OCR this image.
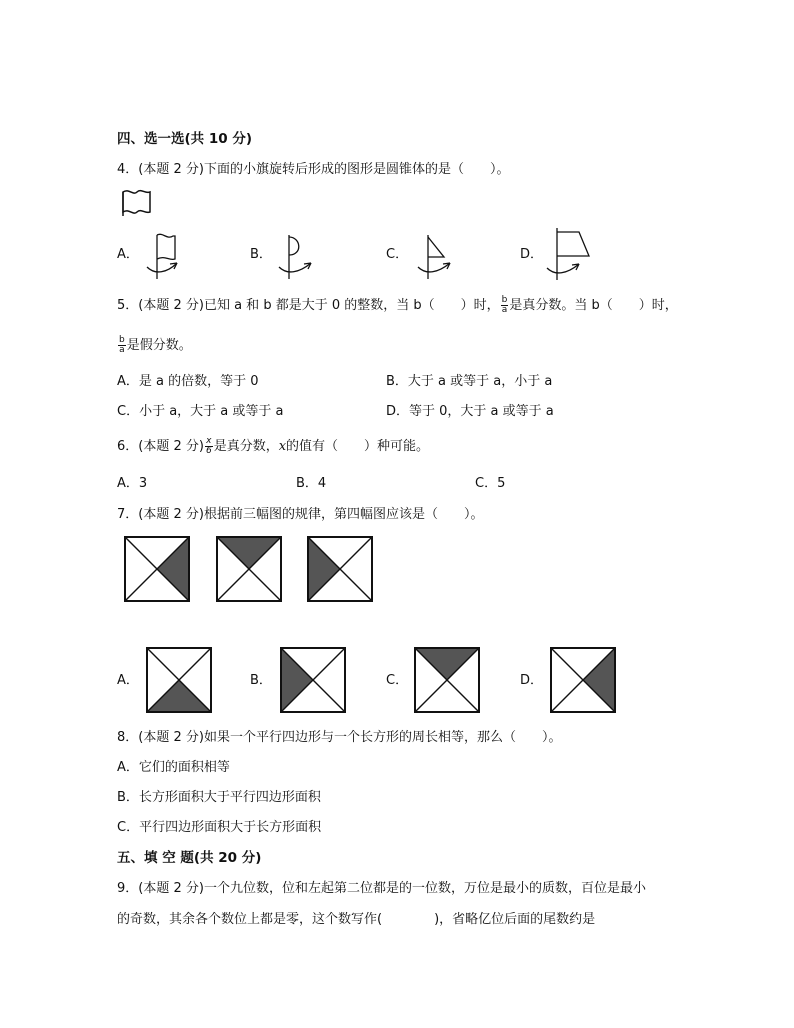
四、选一选(共 10 分)
4．(本题 2 分)下面的小旗旋转后形成的图形是圆锥体的是（　　）。
A．	B．	C．	D．
5．(本题 2 分)已知 a 和 b 都是大于 0 的整数，当 b（　　）时， $\frac{b}{a}$ 是真分数。当 b（　　）时，
$\frac{b}{a}$ 是假分数。
A．是 a 的倍数，等于 0	B．大于 a 或等于 a，小于 a
C．小于 a，大于 a 或等于 a	D．等于 0，大于 a 或等于 a
6．(本题 2 分) $\frac{x}{6}$ 是真分数，x的值有（　　）种可能。
A．3	B．4	C．5
7．(本题 2 分)根据前三幅图的规律，第四幅图应该是（　　）。
A．	B．	C．	D．
8．(本题 2 分)如果一个平行四边形与一个长方形的周长相等，那么（　　）。
A．它们的面积相等
B．长方形面积大于平行四边形面积
C．平行四边形面积大于长方形面积
五、填 空 题(共 20 分)
9．(本题 2 分)一个九位数，位和左起第二位都是的一位数，万位是最小的质数，百位是最小
的奇数，其余各个数位上都是零，这个数写作(　　　　)，省略亿位后面的尾数约是
